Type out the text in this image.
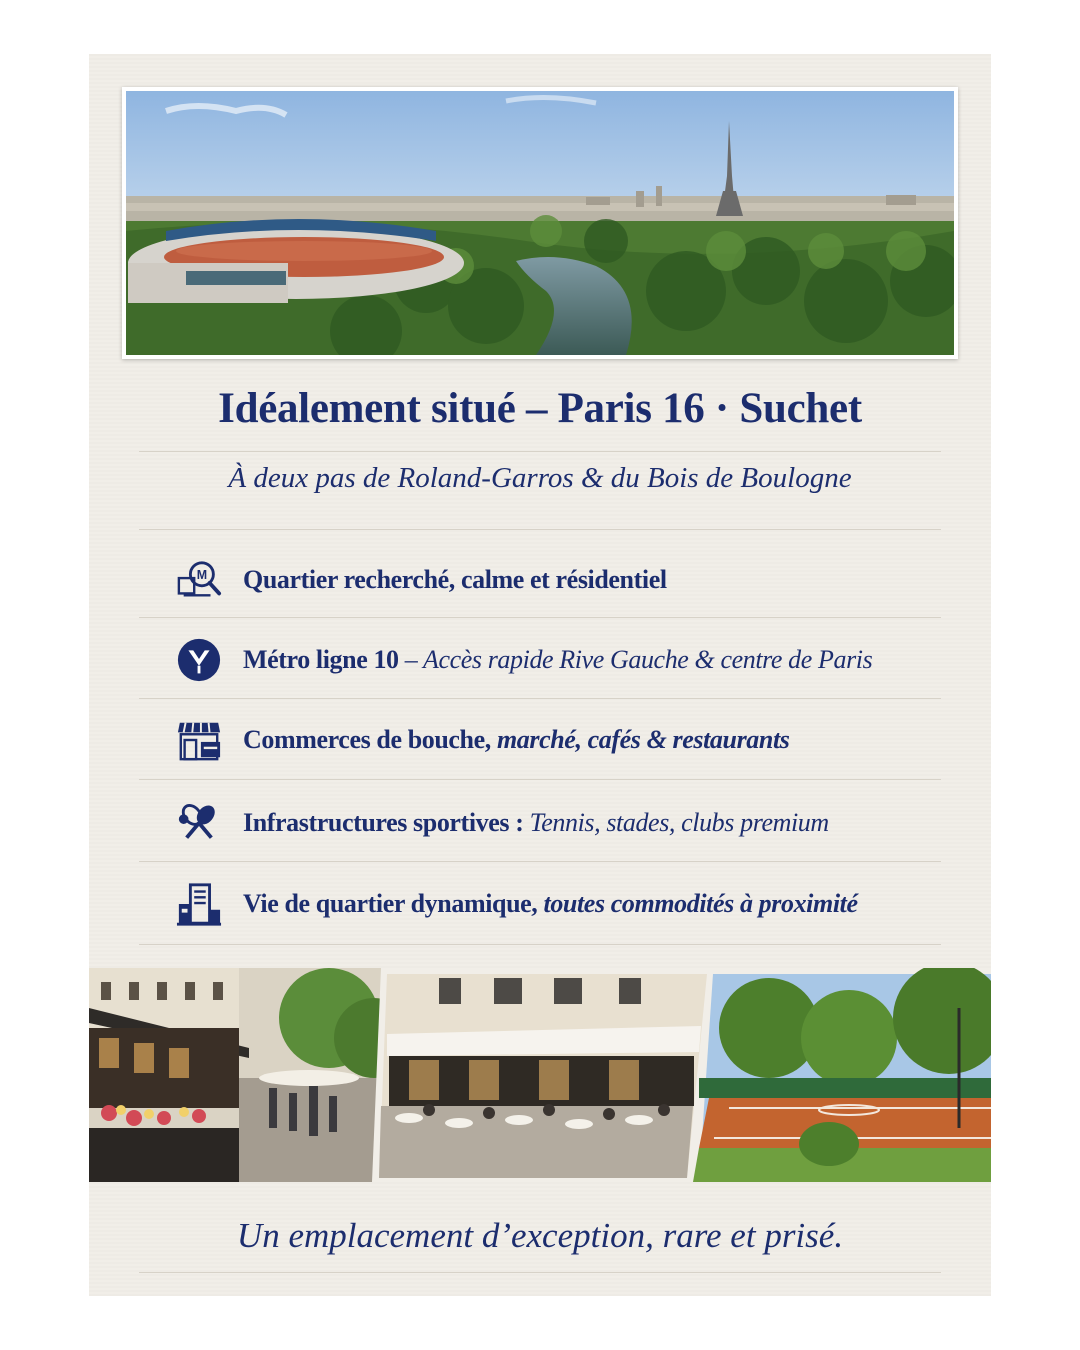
Idéalement situé – Paris 16 · Suchet
À deux pas de Roland-Garros & du Bois de Boulogne
M Quartier recherché, calme et résidentiel
Métro ligne 10 – Accès rapide Rive Gauche & centre de Paris
Commerces de bouche, marché, cafés & restaurants
Infrastructures sportives : Tennis, stades, clubs premium
Vie de quartier dynamique, toutes commodités à proximité
Un emplacement d’exception, rare et prisé.
